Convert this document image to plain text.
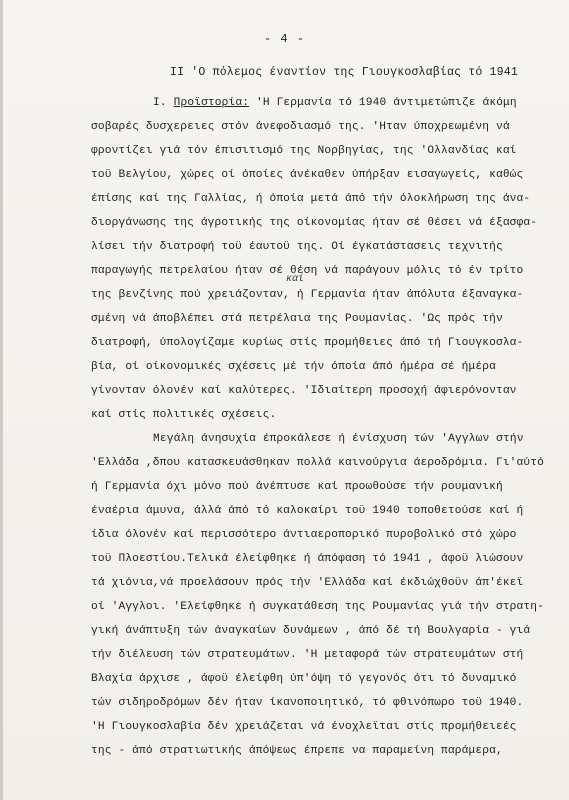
- 4 -
II 'Ο πόλεμος έναντίον της Γιουγκοσλαβίας τό 1941
Ι. Προϊστορία: 'Η Γερμανία τό 1940 άντιμετώπιζε άκόμη
σοβαρές δυσχερειες στόν άνεφοδιασμό της. 'Ηταν ύποχρεωμένη νά
φροντίζει γιά τόν έπισιτισμό της Νορβηγίας, της 'Ολλανδίας καί
τοϋ Βελγίου, χώρες οί όποίες άνέκαθεν ύπήρξαν εισαγωγείς, καθώς
έπίσης καί της Γαλλίας, ή όποία μετά άπό τήν όλοκλήρωση της άνα-
διοργάνωσης της άγροτικής της οίκονομίας ήταν σέ θέσει νά έξασφα-
λίσει τήν διατροφή τοϋ έαυτοϋ της. Οί έγκατάστασεις τεχνιτής
παραγωγής πετρελαίου ήταν σέ θέση νά παράγουν μόλις τό έν τρίτο
καί
της βενζίνης πού χρειάζονταν, ή Γερμανία ήταν άπόλυτα έξαναγκα-
σμένη νά άποβλέπει στά πετρέλαια της Ρουμανίας. 'Ως πρός τήν
διατροφή, ύπολογίζαμε κυρίως στίς προμήθειες άπό τή Γιουγκοσλα-
βία, οί οίκονομικές σχέσεις μέ τήν όποία άπό ήμέρα σέ ήμέρα
γίνονταν όλονέν καί καλύτερες. 'Ιδιαίτερη προσοχή άφιερόνονταν
καί στίς πολιτικές σχέσεις.
Μεγάλη άνησυχία έπροκάλεσε ή ένίσχυση τών 'Αγγλων στήν
'Ελλάδα ,δπου κατασκευάσθηκαν πολλά καινούργια άεροδρόμια. Γι'αύτό
ή Γερμανία όχι μόνο πού άνέπτυσε καί προωθούσε τήν ρουμανική
έναέρια άμυνα, άλλά άπό τό καλοκαίρι τοϋ 1940 τοποθετούσε καί ή
ίδια όλονέν καί περισσότερο άντιαεροπορικό πυροβολικό στό χώρο
τοϋ Πλοεστίου.Τελικά έλείφθηκε ή άπόφαση τό 1941 , άφοϋ λιώσουν
τά χιόνια,νά προελάσουν πρός τήν 'Ελλάδα καί έκδιώχθοϋν άπ'έκεϊ
οί 'Αγγλοι. 'Ελείφθηκε ή συγκατάθεση της Ρουμανίας γιά τήν στρατη-
γική άνάπτυξη τών άναγκαίων δυνάμεων , άπό δέ τή Βουλγαρία - γιά
τήν διέλευση τών στρατευμάτων. 'Η μεταφορά τών στρατευμάτων στή
Βλαχία άρχισε , άφοϋ έλείφθη ύπ'όψη τό γεγονός ότι τό δυναμικό
τών σιδηροδρόμων δέν ήταν ίκανοποιητικό, τό φθινόπωρο τοϋ 1940.
'Η Γιουγκοσλαβία δέν χρειάζεται νά ένοχλεϊται στίς προμήθειεές
της - άπό στρατιωτικής άπόψεως έπρεπε να παραμείνη παράμερα,
